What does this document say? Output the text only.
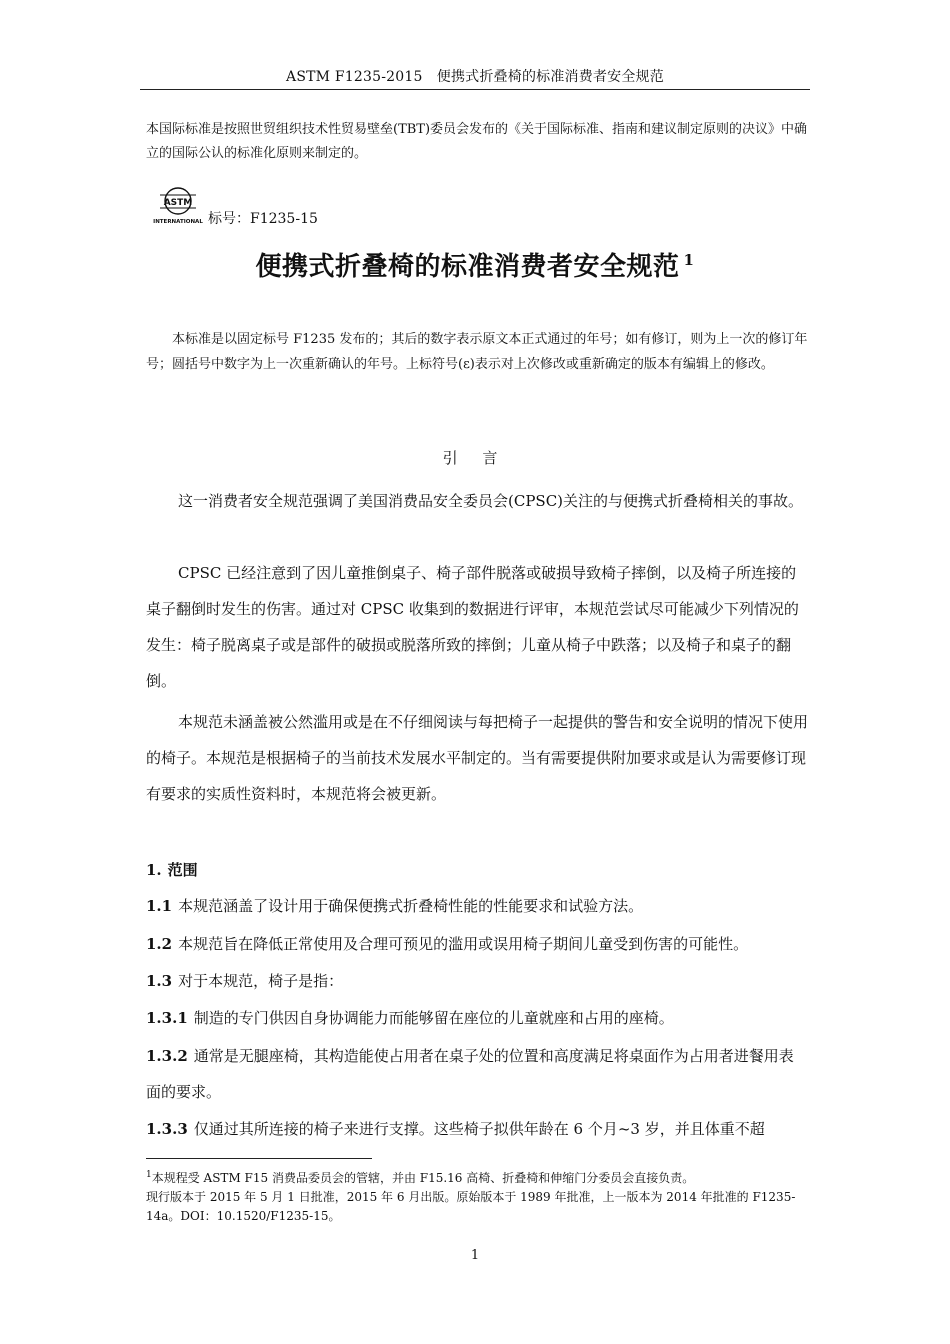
ASTM F1235-2015　便携式折叠椅的标准消费者安全规范
本国际标准是按照世贸组织技术性贸易壁垒(TBT)委员会发布的《关于国际标准、指南和建议制定原则的决议》中确立的国际公认的标准化原则来制定的。
ASTM
INTERNATIONAL 标号：F1235-15
便携式折叠椅的标准消费者安全规范 $^1$
本标准是以固定标号 F1235 发布的；其后的数字表示原文本正式通过的年号；如有修订，则为上一次的修订年号；圆括号中数字为上一次重新确认的年号。上标符号(ε)表示对上次修改或重新确定的版本有编辑上的修改。
引 言
这一消费者安全规范强调了美国消费品安全委员会(CPSC)关注的与便携式折叠椅相关的事故。
CPSC 已经注意到了因儿童推倒桌子、椅子部件脱落或破损导致椅子摔倒，以及椅子所连接的桌子翻倒时发生的伤害。通过对 CPSC 收集到的数据进行评审，本规范尝试尽可能减少下列情况的发生：椅子脱离桌子或是部件的破损或脱落所致的摔倒；儿童从椅子中跌落；以及椅子和桌子的翻倒。
本规范未涵盖被公然滥用或是在不仔细阅读与每把椅子一起提供的警告和安全说明的情况下使用的椅子。本规范是根据椅子的当前技术发展水平制定的。当有需要提供附加要求或是认为需要修订现有要求的实质性资料时，本规范将会被更新。
1. 范围
1.1 本规范涵盖了设计用于确保便携式折叠椅性能的性能要求和试验方法。
1.2 本规范旨在降低正常使用及合理可预见的滥用或误用椅子期间儿童受到伤害的可能性。
1.3 对于本规范，椅子是指：
1.3.1 制造的专门供因自身协调能力而能够留在座位的儿童就座和占用的座椅。
1.3.2 通常是无腿座椅，其构造能使占用者在桌子处的位置和高度满足将桌面作为占用者进餐用表面的要求。
1.3.3 仅通过其所连接的椅子来进行支撑。这些椅子拟供年龄在 6 个月~3 岁，并且体重不超
$^1$本规程受 ASTM F15 消费品委员会的管辖，并由 F15.16 高椅、折叠椅和伸缩门分委员会直接负责。
现行版本于 2015 年 5 月 1 日批准，2015 年 6 月出版。原始版本于 1989 年批准，上一版本为 2014 年批准的 F1235-14a。DOI：10.1520/F1235-15。
1
